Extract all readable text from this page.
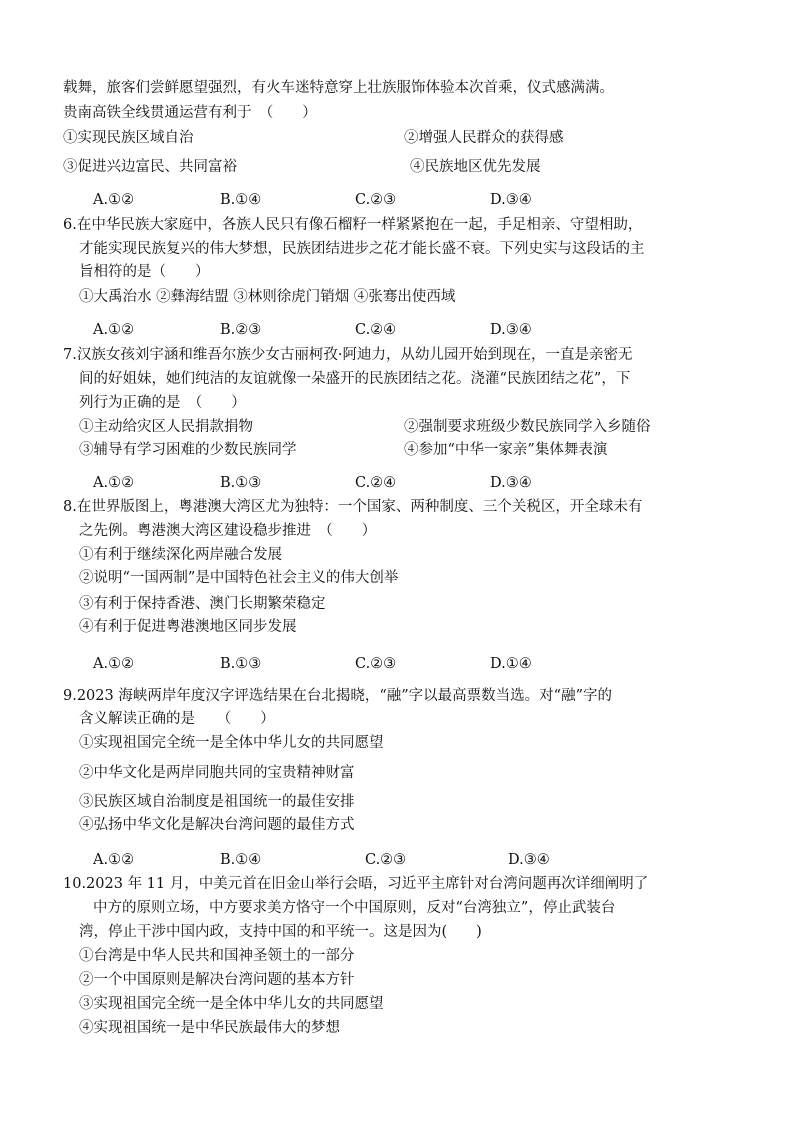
载舞，旅客们尝鲜愿望强烈，有火车迷特意穿上壮族服饰体验本次首乘，仪式感满满。
贵南高铁全线贯通运营有利于　（　　）
①实现民族区域自治	②增强人民群众的获得感
③促进兴边富民、共同富裕	④民族地区优先发展
A.①②	B.①④	C.②③	D.③④
6.在中华民族大家庭中，各族人民只有像石榴籽一样紧紧抱在一起，手足相亲、守望相助，
才能实现民族复兴的伟大梦想，民族团结进步之花才能长盛不衰。下列史实与这段话的主
旨相符的是（　　）
①大禹治水 ②彝海结盟 ③林则徐虎门销烟 ④张骞出使西域
A.①②	B.②③	C.②④	D.③④
7.汉族女孩刘宇涵和维吾尔族少女古丽柯孜·阿迪力，从幼儿园开始到现在，一直是亲密无
间的好姐妹，她们纯洁的友谊就像一朵盛开的民族团结之花。浇灌“民族团结之花”，下
列行为正确的是　（　　）
①主动给灾区人民捐款捐物	②强制要求班级少数民族同学入乡随俗
③辅导有学习困难的少数民族同学	④参加“中华一家亲”集体舞表演
A.①②	B.①③	C.②④	D.③④
8.在世界版图上，粤港澳大湾区尤为独特：一个国家、两种制度、三个关税区，开全球未有
之先例。粤港澳大湾区建设稳步推进　（　　）
①有利于继续深化两岸融合发展
②说明“一国两制”是中国特色社会主义的伟大创举
③有利于保持香港、澳门长期繁荣稳定
④有利于促进粤港澳地区同步发展
A.①②	B.①③	C.②③	D.①④
9.2023 海峡两岸年度汉字评选结果在台北揭晓，“融”字以最高票数当选。对“融”字的
含义解读正确的是　　（　　）
①实现祖国完全统一是全体中华儿女的共同愿望
②中华文化是两岸同胞共同的宝贵精神财富
③民族区域自治制度是祖国统一的最佳安排
④弘扬中华文化是解决台湾问题的最佳方式
A.①②	B.①④	C.②③	D.③④
10.2023 年 11 月，中美元首在旧金山举行会晤，习近平主席针对台湾问题再次详细阐明了
中方的原则立场，中方要求美方恪守一个中国原则，反对“台湾独立”，停止武装台
湾，停止干涉中国内政，支持中国的和平统一。这是因为(　　)
①台湾是中华人民共和国神圣领土的一部分
②一个中国原则是解决台湾问题的基本方针
③实现祖国完全统一是全体中华儿女的共同愿望
④实现祖国统一是中华民族最伟大的梦想
